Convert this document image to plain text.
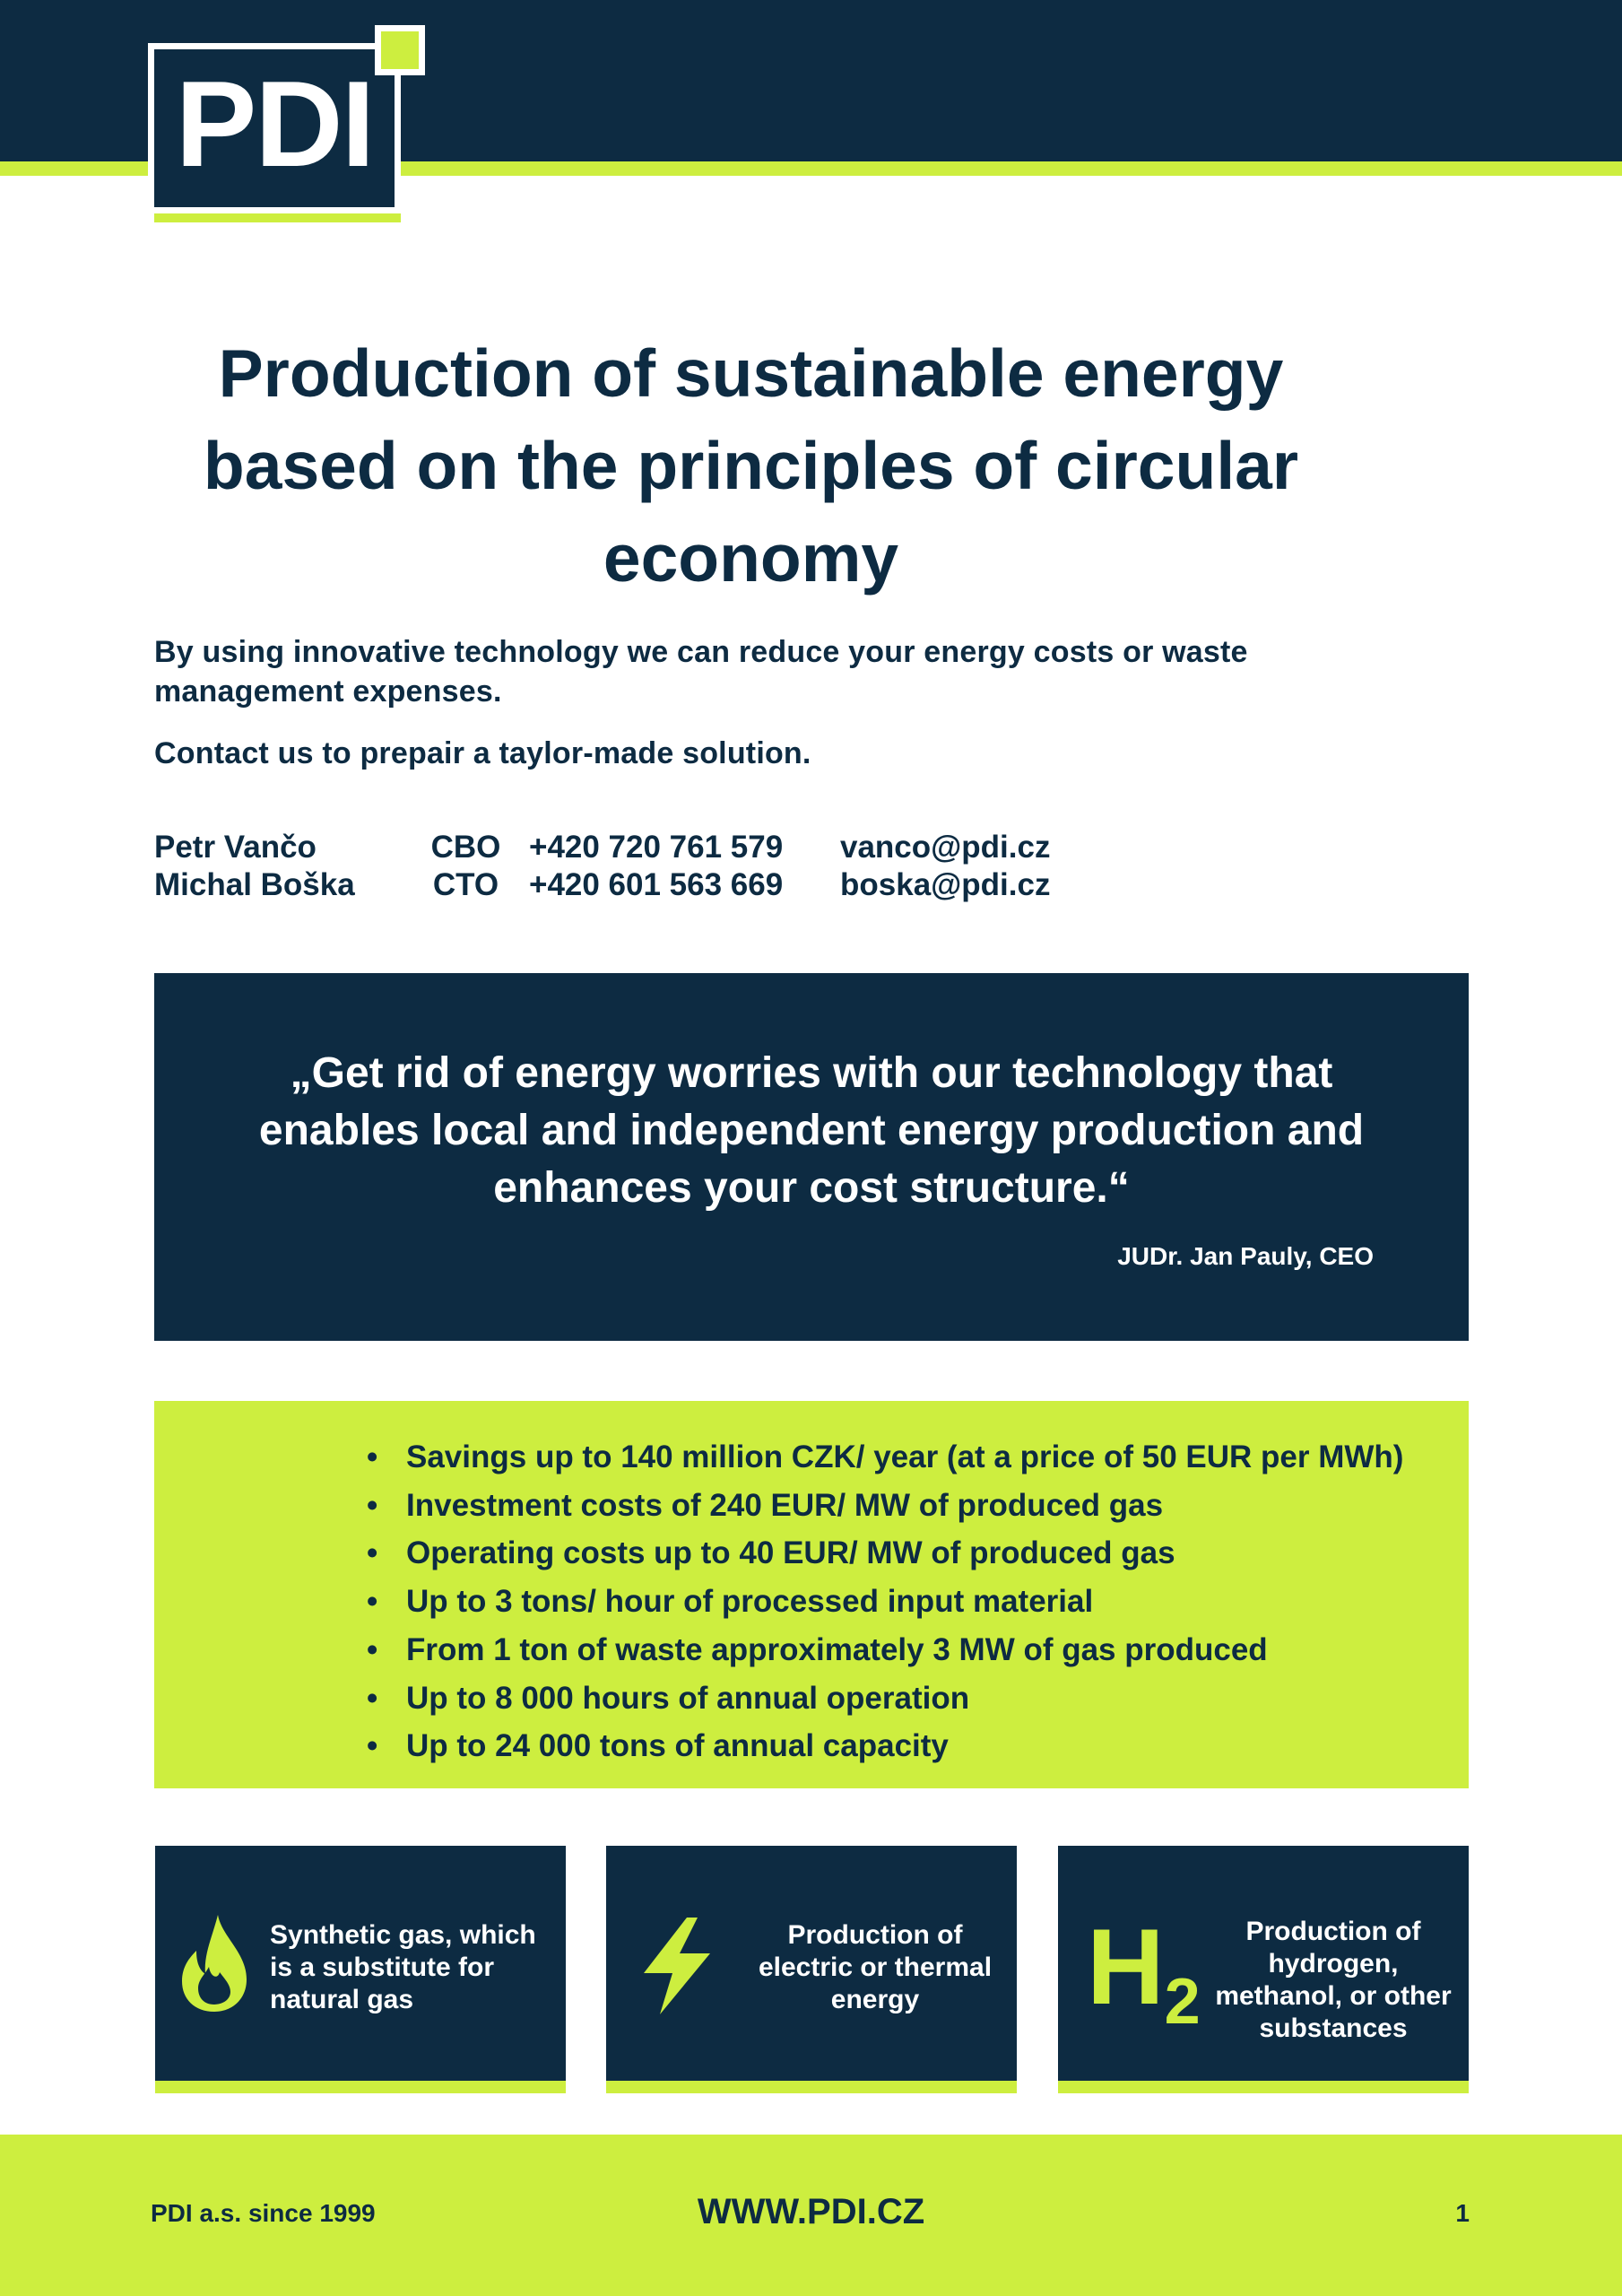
PDI
Production of sustainable energy based on the principles of circular economy

By using innovative technology we can reduce your energy costs or waste management expenses.

Contact us to prepair a taylor-made solution.

Petr Vančo	CBO +420 720 761 579 vanco@pdi.cz
Michal Boška	CTO +420 601 563 669 boska@pdi.cz

„Get rid of energy worries with our technology that enables local and independent energy production and enhances your cost structure.“

JUDr. Jan Pauly, CEO
• Savings up to 140 million CZK/ year (at a price of 50 EUR per MWh)
• Investment costs of 240 EUR/ MW of produced gas
• Operating costs up to 40 EUR/ MW of produced gas
• Up to 3 tons/ hour of processed input material
• From 1 ton of waste approximately 3 MW of gas produced
• Up to 8 000 hours of annual operation
• Up to 24 000 tons of annual capacity
Synthetic gas, which is a substitute for natural gas
Production of electric or thermal energy	H2
Production of hydrogen, methanol, or other substances
PDI a.s. since 1999	WWW.PDI.CZ	1
